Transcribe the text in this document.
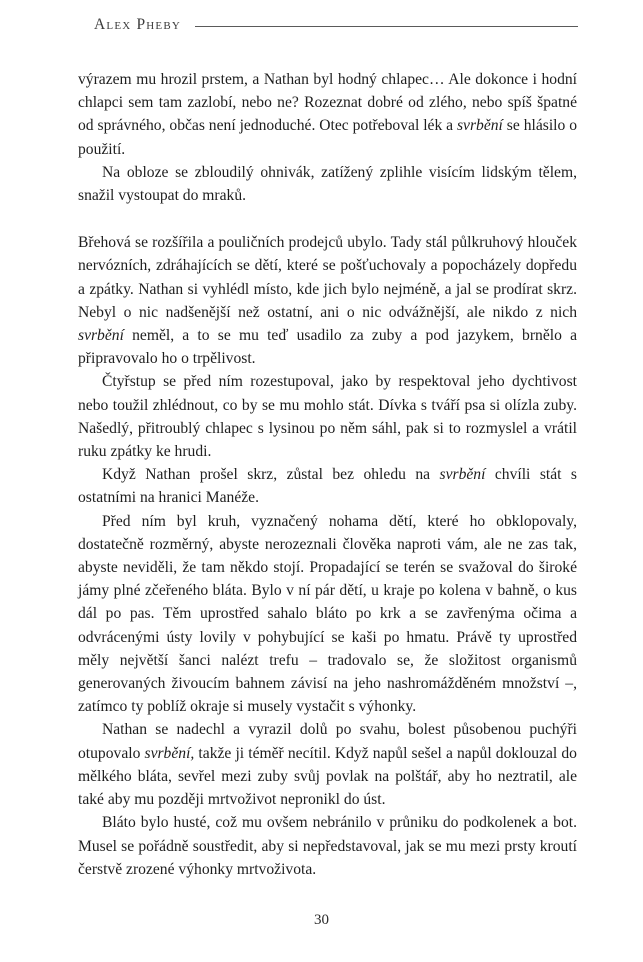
Alex Pheby

výrazem mu hrozil prstem, a Nathan byl hodný chlapec… Ale dokonce i hodní chlapci sem tam zazlobí, nebo ne? Rozeznat dobré od zlého, nebo spíš špatné od správného, občas není jednoduché. Otec potřeboval lék a svrbění se hlásilo o použití.

Na obloze se zbloudilý ohnivák, zatížený zplihle visícím lidským tělem, snažil vystoupat do mraků.

Břehová se rozšířila a pouličních prodejců ubylo. Tady stál půlkruhový hlouček nervózních, zdráhajících se dětí, které se pošťuchovaly a popocházely dopředu a zpátky. Nathan si vyhlédl místo, kde jich bylo nejméně, a jal se prodírat skrz. Nebyl o nic nadšenější než ostatní, ani o nic odvážnější, ale nikdo z nich svrbění neměl, a to se mu teď usadilo za zuby a pod jazykem, brnělo a připravovalo ho o trpělivost.

Čtyřstup se před ním rozestupoval, jako by respektoval jeho dychtivost nebo toužil zhlédnout, co by se mu mohlo stát. Dívka s tváří psa si olízla zuby. Našedlý, přitroublý chlapec s lysinou po něm sáhl, pak si to rozmyslel a vrátil ruku zpátky ke hrudi.

Když Nathan prošel skrz, zůstal bez ohledu na svrbění chvíli stát s ostatními na hranici Manéže.

Před ním byl kruh, vyznačený nohama dětí, které ho obklopovaly, dostatečně rozměrný, abyste nerozeznali člověka naproti vám, ale ne zas tak, abyste neviděli, že tam někdo stojí. Propadající se terén se svažoval do široké jámy plné zčeřeného bláta. Bylo v ní pár dětí, u kraje po kolena v bahně, o kus dál po pas. Těm uprostřed sahalo bláto po krk a se zavřenýma očima a odvrácenými ústy lovily v pohybující se kaši po hmatu. Právě ty uprostřed měly největší šanci nalézt trefu – tradovalo se, že složitost organismů generovaných živoucím bahnem závisí na jeho nashromážděném množství –, zatímco ty poblíž okraje si musely vystačit s výhonky.

Nathan se nadechl a vyrazil dolů po svahu, bolest působenou puchýři otupovalo svrbění, takže ji téměř necítil. Když napůl sešel a napůl doklouzal do mělkého bláta, sevřel mezi zuby svůj povlak na polštář, aby ho neztratil, ale také aby mu později mrtvoživot nepronikl do úst.

Bláto bylo husté, což mu ovšem nebránilo v průniku do podkolenek a bot. Musel se pořádně soustředit, aby si nepředstavoval, jak se mu mezi prsty kroutí čerstvě zrozené výhonky mrtvoživota.

30
